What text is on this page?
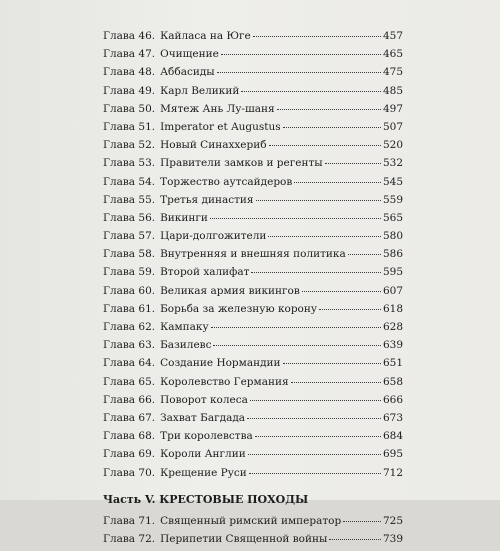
Глава 46. Кайласа на Юге	457
Глава 47. Очищение	465
Глава 48. Аббасиды	475
Глава 49. Карл Великий	485
Глава 50. Мятеж Ань Лу-шаня	497
Глава 51. Imperator et Augustus	507
Глава 52. Новый Синаххериб	520
Глава 53. Правители замков и регенты	532
Глава 54. Торжество аутсайдеров	545
Глава 55. Третья династия	559
Глава 56. Викинги	565
Глава 57. Цари-долгожители	580
Глава 58. Внутренняя и внешняя политика	586
Глава 59. Второй халифат	595
Глава 60. Великая армия викингов	607
Глава 61. Борьба за железную корону	618
Глава 62. Кампаку	628
Глава 63. Базилевс	639
Глава 64. Создание Нормандии	651
Глава 65. Королевство Германия	658
Глава 66. Поворот колеса	666
Глава 67. Захват Багдада	673
Глава 68. Три королевства	684
Глава 69. Короли Англии	695
Глава 70. Крещение Руси	712
Часть V. КРЕСТОВЫЕ ПОХОДЫ
Глава 71. Священный римский император	725
Глава 72. Перипетии Священной войны	739
